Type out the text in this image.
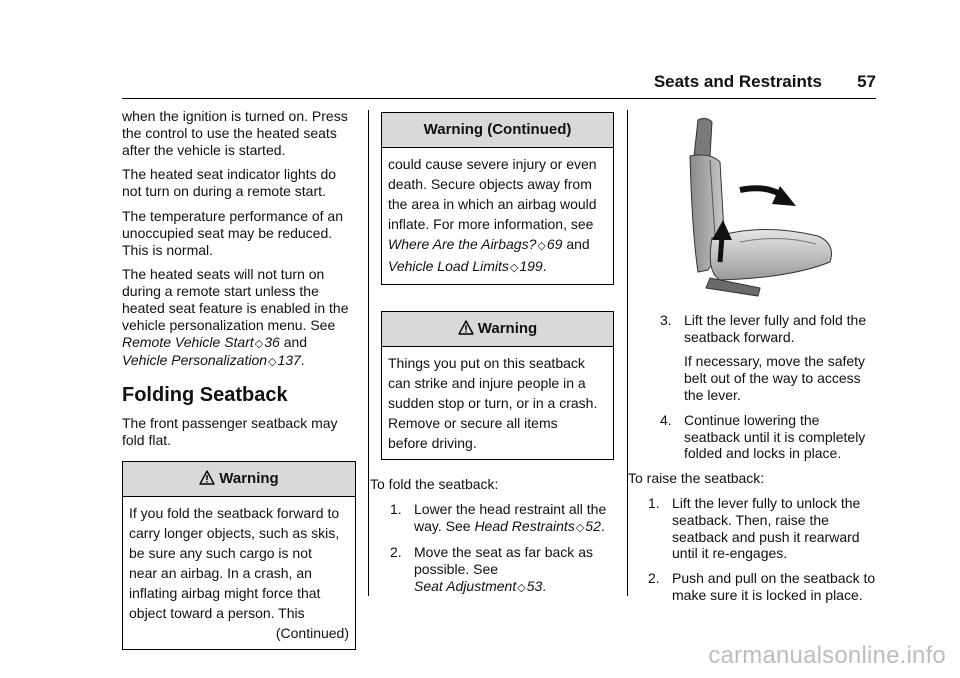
Seats and Restraints 57

when the ignition is turned on. Press the control to use the heated seats after the vehicle is started.

The heated seat indicator lights do not turn on during a remote start.

The temperature performance of an unoccupied seat may be reduced. This is normal.

The heated seats will not turn on during a remote start unless the heated seat feature is enabled in the vehicle personalization menu. See Remote Vehicle Start◇36 and Vehicle Personalization◇137.

Folding Seatback

The front passenger seatback may fold flat.

Warning

If you fold the seatback forward to

carry longer objects, such as skis,

be sure any such cargo is not

near an airbag. In a crash, an

inflating airbag might force that

object toward a person. This

(Continued)

Warning (Continued)

could cause severe injury or even

death. Secure objects away from

the area in which an airbag would

inflate. For more information, see

Where Are the Airbags?◇69 and

Vehicle Load Limits◇199.

Warning

Things you put on this seatback

can strike and injure people in a

sudden stop or turn, or in a crash.

Remove or secure all items

before driving.

To fold the seatback:

1. Lower the head restraint all the way. See Head Restraints◇52.
2. Move the seat as far back as possible. See Seat Adjustment◇53.
3. Lift the lever fully and fold the seatback forward.

If necessary, move the safety belt out of the way to access the lever.

4. Continue lowering the seatback until it is completely folded and locks in place.

To raise the seatback:

1. Lift the lever fully to unlock the seatback. Then, raise the seatback and push it rearward until it re-engages.
2. Push and pull on the seatback to make sure it is locked in place.
carmanualsonline.info
